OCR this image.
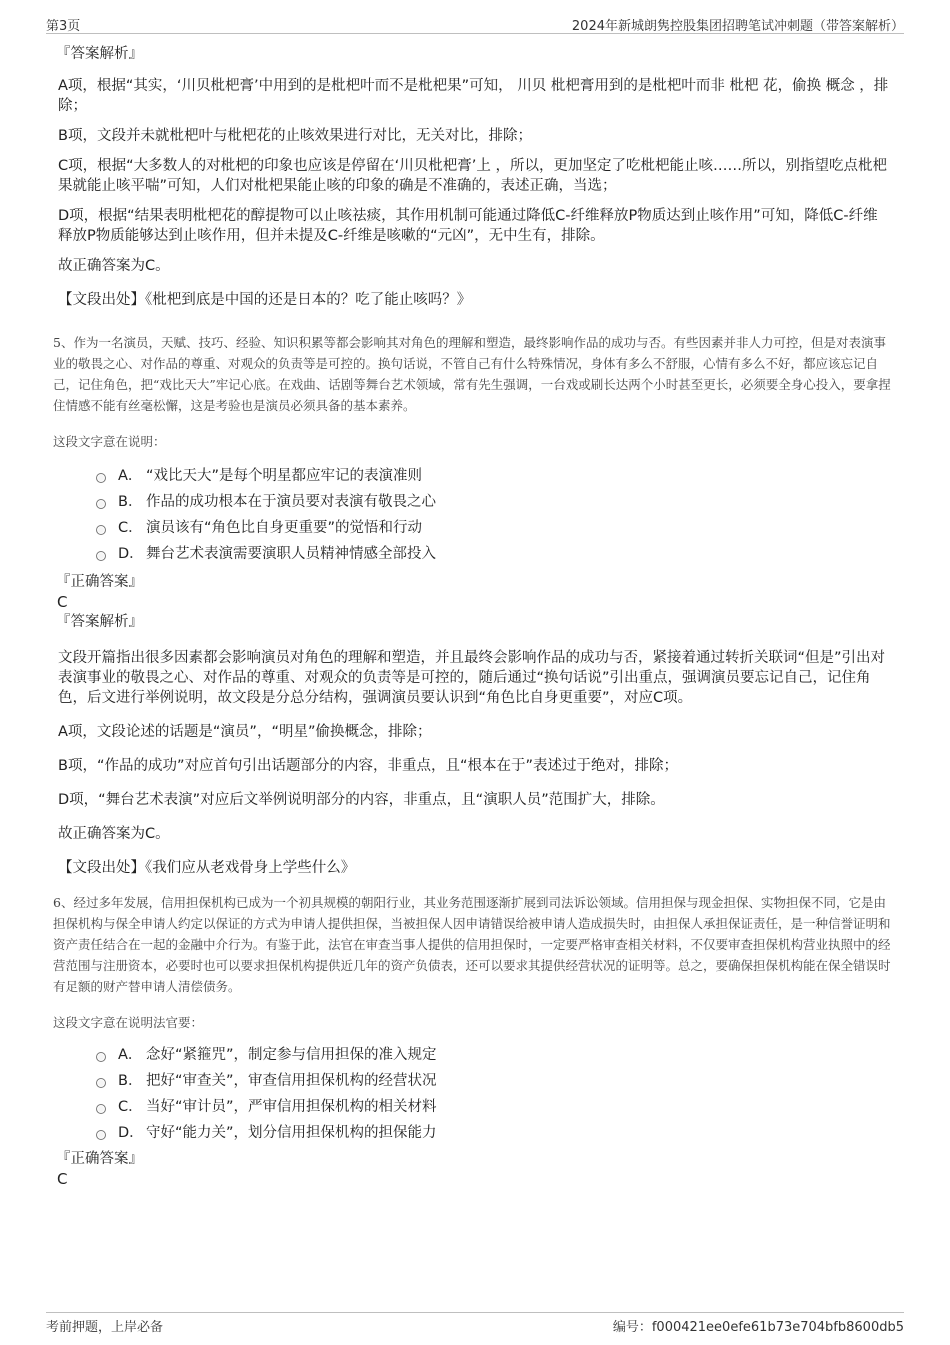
第3页	2024年新城朗隽控股集团招聘笔试冲刺题（带答案解析）

『答案解析』

A项，根据“其实，‘川贝枇杷膏’中用到的是枇杷叶而不是枇杷果”可知， 川贝 枇杷膏用到的是枇杷叶而非 枇杷 花，偷换 概念 ，排除；

B项，文段并未就枇杷叶与枇杷花的止咳效果进行对比，无关对比，排除；

C项，根据“大多数人的对枇杷的印象也应该是停留在‘川贝枇杷膏’上 ，所以，更加坚定了吃枇杷能止咳……所以，别指望吃点枇杷果就能止咳平喘”可知，人们对枇杷果能止咳的印象的确是不准确的，表述正确，当选；

D项，根据“结果表明枇杷花的醇提物可以止咳祛痰，其作用机制可能通过降低C-纤维释放P物质达到止咳作用”可知，降低C-纤维释放P物质能够达到止咳作用，但并未提及C-纤维是咳嗽的“元凶”，无中生有，排除。

故正确答案为C。

【文段出处】《枇杷到底是中国的还是日本的？吃了能止咳吗？》

5、作为一名演员，天赋、技巧、经验、知识积累等都会影响其对角色的理解和塑造，最终影响作品的成功与否。有些因素并非人力可控，但是对表演事业的敬畏之心、对作品的尊重、对观众的负责等是可控的。换句话说，不管自己有什么特殊情况，身体有多么不舒服，心情有多么不好，都应该忘记自己，记住角色，把“戏比天大”牢记心底。在戏曲、话剧等舞台艺术领域，常有先生强调，一台戏或刷长达两个小时甚至更长，必须要全身心投入，要拿捏住情感不能有丝毫松懈，这是考验也是演员必须具备的基本素养。

这段文字意在说明：

A． “戏比天大”是每个明星都应牢记的表演准则
B． 作品的成功根本在于演员要对表演有敬畏之心
C． 演员该有“角色比自身更重要”的觉悟和行动
D． 舞台艺术表演需要演职人员精神情感全部投入

『正确答案』

C

『答案解析』

文段开篇指出很多因素都会影响演员对角色的理解和塑造，并且最终会影响作品的成功与否，紧接着通过转折关联词“但是”引出对表演事业的敬畏之心、对作品的尊重、对观众的负责等是可控的，随后通过“换句话说”引出重点，强调演员要忘记自己，记住角色，后文进行举例说明，故文段是分总分结构，强调演员要认识到“角色比自身更重要”，对应C项。

A项，文段论述的话题是“演员”，“明星”偷换概念，排除；

B项，“作品的成功”对应首句引出话题部分的内容，非重点，且“根本在于”表述过于绝对，排除；

D项，“舞台艺术表演”对应后文举例说明部分的内容，非重点，且“演职人员”范围扩大，排除。

故正确答案为C。

【文段出处】《我们应从老戏骨身上学些什么》

6、经过多年发展，信用担保机构已成为一个初具规模的朝阳行业，其业务范围逐渐扩展到司法诉讼领域。信用担保与现金担保、实物担保不同，它是由担保机构与保全申请人约定以保证的方式为申请人提供担保，当被担保人因申请错误给被申请人造成损失时，由担保人承担保证责任，是一种信誉证明和资产责任结合在一起的金融中介行为。有鉴于此，法官在审查当事人提供的信用担保时，一定要严格审查相关材料，不仅要审查担保机构营业执照中的经营范围与注册资本，必要时也可以要求担保机构提供近几年的资产负债表，还可以要求其提供经营状况的证明等。总之，要确保担保机构能在保全错误时有足额的财产替申请人清偿债务。

这段文字意在说明法官要：

A． 念好“紧箍咒”，制定参与信用担保的准入规定
B． 把好“审查关”，审查信用担保机构的经营状况
C． 当好“审计员”，严审信用担保机构的相关材料
D． 守好“能力关”，划分信用担保机构的担保能力

『正确答案』

C

考前押题，上岸必备	编号：f000421ee0efe61b73e704bfb8600db5
